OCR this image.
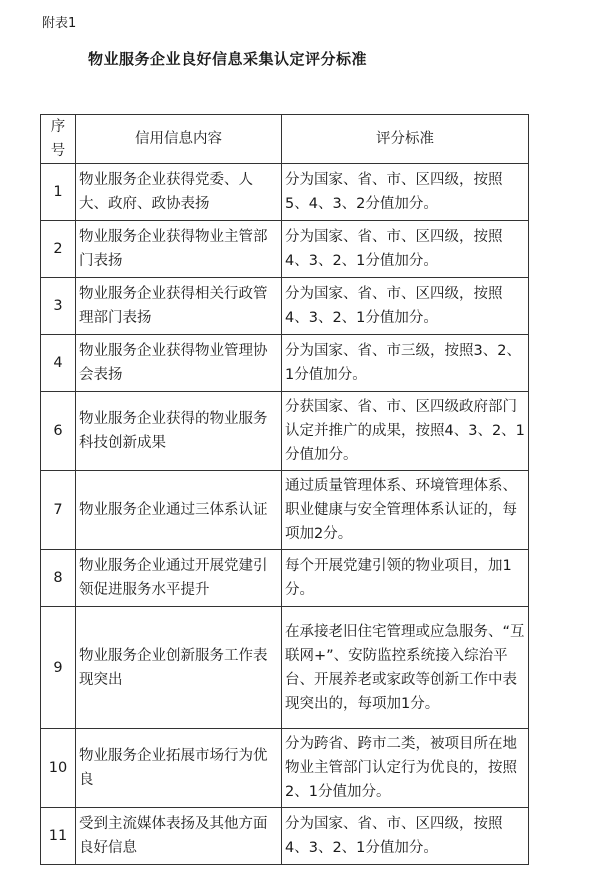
附表1
物业服务企业良好信息采集认定评分标准
序号	信用信息内容	评分标准
1	物业服务企业获得党委、人大、政府、政协表扬	分为国家、省、市、区四级，按照5、4、3、2分值加分。
2	物业服务企业获得物业主管部门表扬	分为国家、省、市、区四级，按照4、3、2、1分值加分。
3	物业服务企业获得相关行政管理部门表扬	分为国家、省、市、区四级，按照4、3、2、1分值加分。
4	物业服务企业获得物业管理协会表扬	分为国家、省、市三级，按照3、2、1分值加分。
6	物业服务企业获得的物业服务科技创新成果	分获国家、省、市、区四级政府部门认定并推广的成果，按照4、3、2、1分值加分。
7	物业服务企业通过三体系认证	通过质量管理体系、环境管理体系、职业健康与安全管理体系认证的，每项加2分。
8	物业服务企业通过开展党建引领促进服务水平提升	每个开展党建引领的物业项目，加1分。
9	物业服务企业创新服务工作表现突出	在承接老旧住宅管理或应急服务、“互联网+”、安防监控系统接入综治平台、开展养老或家政等创新工作中表现突出的，每项加1分。
10	物业服务企业拓展市场行为优良	分为跨省、跨市二类，被项目所在地物业主管部门认定行为优良的，按照2、1分值加分。
11	受到主流媒体表扬及其他方面良好信息	分为国家、省、市、区四级，按照4、3、2、1分值加分。
